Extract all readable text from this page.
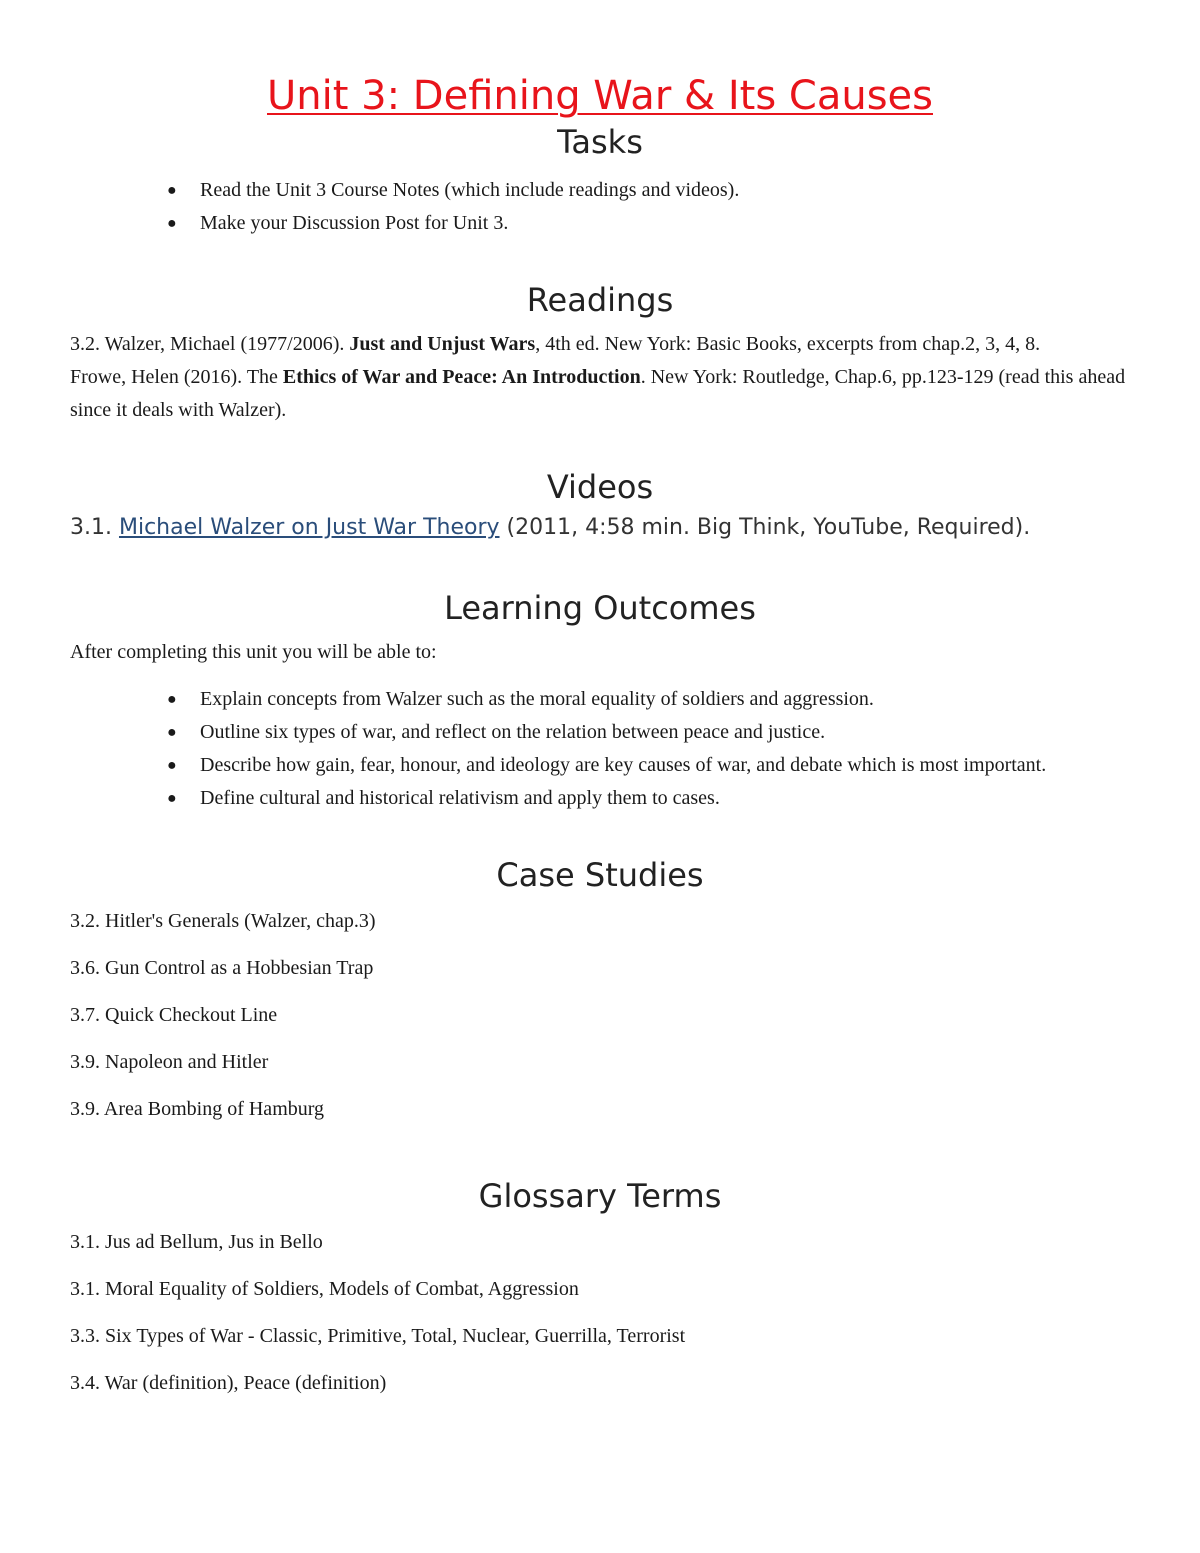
Unit 3: Defining War & Its Causes
Tasks
● Read the Unit 3 Course Notes (which include readings and videos).
● Make your Discussion Post for Unit 3.
Readings

3.2. Walzer, Michael (1977/2006). Just and Unjust Wars, 4th ed. New York: Basic Books, excerpts from chap.2, 3, 4, 8.

Frowe, Helen (2016). The Ethics of War and Peace: An Introduction. New York: Routledge, Chap.6, pp.123-129 (read this ahead since it deals with Walzer).

Videos

3.1. Michael Walzer on Just War Theory (2011, 4:58 min. Big Think, YouTube, Required).

Learning Outcomes

After completing this unit you will be able to:

● Explain concepts from Walzer such as the moral equality of soldiers and aggression.
● Outline six types of war, and reflect on the relation between peace and justice.
● Describe how gain, fear, honour, and ideology are key causes of war, and debate which is most important.
● Define cultural and historical relativism and apply them to cases.
Case Studies

3.2. Hitler's Generals (Walzer, chap.3)

3.6. Gun Control as a Hobbesian Trap

3.7. Quick Checkout Line

3.9. Napoleon and Hitler

3.9. Area Bombing of Hamburg

Glossary Terms

3.1. Jus ad Bellum, Jus in Bello

3.1. Moral Equality of Soldiers, Models of Combat, Aggression

3.3. Six Types of War - Classic, Primitive, Total, Nuclear, Guerrilla, Terrorist

3.4. War (definition), Peace (definition)
